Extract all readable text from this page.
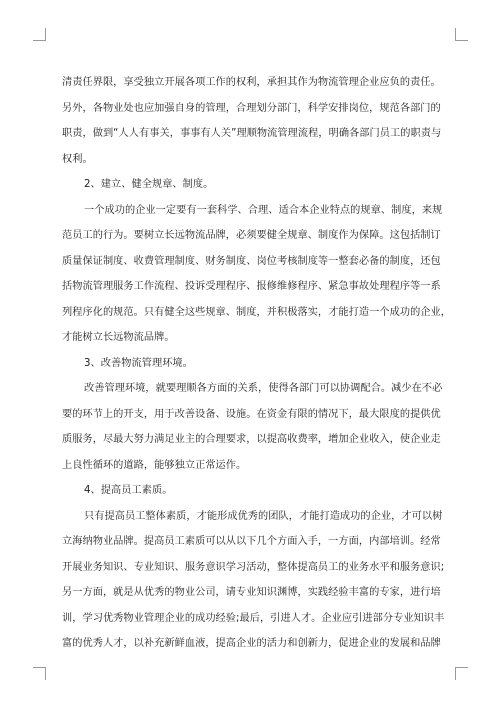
清责任界限，享受独立开展各项工作的权利，承担其作为物流管理企业应负的责任。
另外，各物业处也应加强自身的管理，合理划分部门，科学安排岗位，规范各部门的
职责，做到“人人有事关，事事有人关”理顺物流管理流程，明确各部门员工的职责与
权利。
2、建立、健全规章、制度。
一个成功的企业一定要有一套科学、合理、适合本企业特点的规章、制度，来规
范员工的行为。要树立长远物流品牌，必须要健全规章、制度作为保障。这包括制订
质量保证制度、收费管理制度、财务制度、岗位考核制度等一整套必备的制度，还包
括物流管理服务工作流程、投诉受理程序、报修维修程序、紧急事故处理程序等一系
列程序化的规范。只有健全这些规章、制度，并积极落实，才能打造一个成功的企业，
才能树立长远物流品牌。
3、改善物流管理环境。
改善管理环境，就要理顺各方面的关系，使得各部门可以协调配合。减少在不必
要的环节上的开支，用于改善设备、设施。在资金有限的情况下，最大限度的提供优
质服务，尽最大努力满足业主的合理要求，以提高收费率，增加企业收入，使企业走
上良性循环的道路，能够独立正常运作。
4、提高员工素质。
只有提高员工整体素质，才能形成优秀的团队，才能打造成功的企业，才可以树
立海纳物业品牌。提高员工素质可以从以下几个方面入手，一方面，内部培训。经常
开展业务知识、专业知识、服务意识学习活动，整体提高员工的业务水平和服务意识;
另一方面，就是从优秀的物业公司，请专业知识渊博，实践经验丰富的专家，进行培
训，学习优秀物业管理企业的成功经验;最后，引进人才。企业应引进部分专业知识丰
富的优秀人才，以补充新鲜血液，提高企业的活力和创新力，促进企业的发展和品牌
